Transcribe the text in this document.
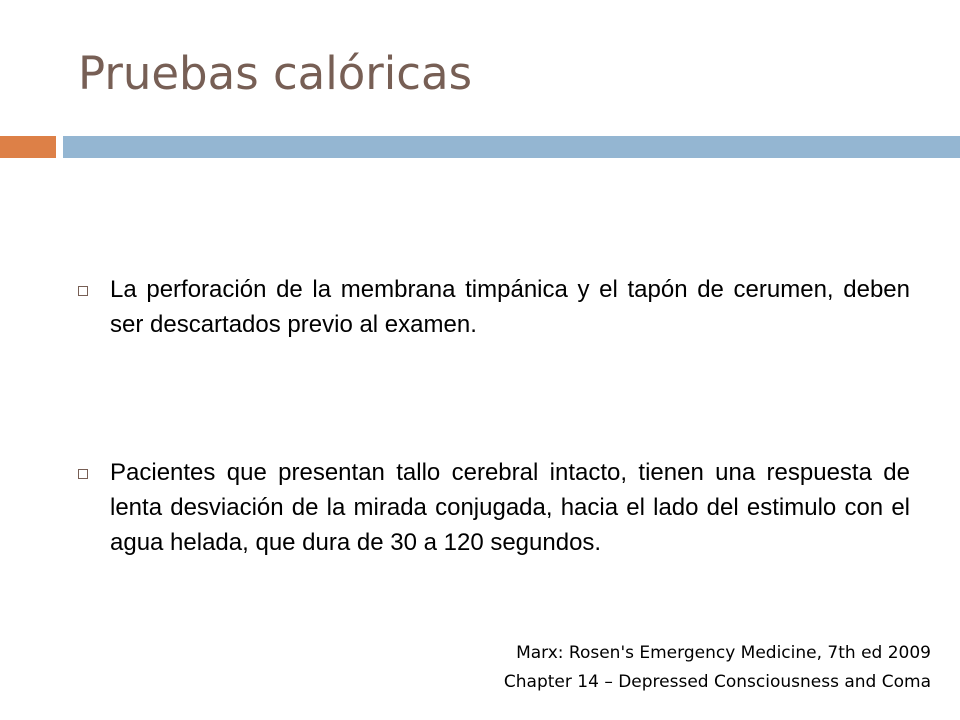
Pruebas calóricas
La perforación de la membrana timpánica y el tapón de cerumen, deben ser descartados previo al examen.
Pacientes que presentan tallo cerebral intacto, tienen una respuesta de lenta desviación de la mirada conjugada, hacia el lado del estimulo con el agua helada, que dura de 30 a 120 segundos.
Marx: Rosen's Emergency Medicine, 7th ed 2009
Chapter 14 – Depressed Consciousness and Coma
